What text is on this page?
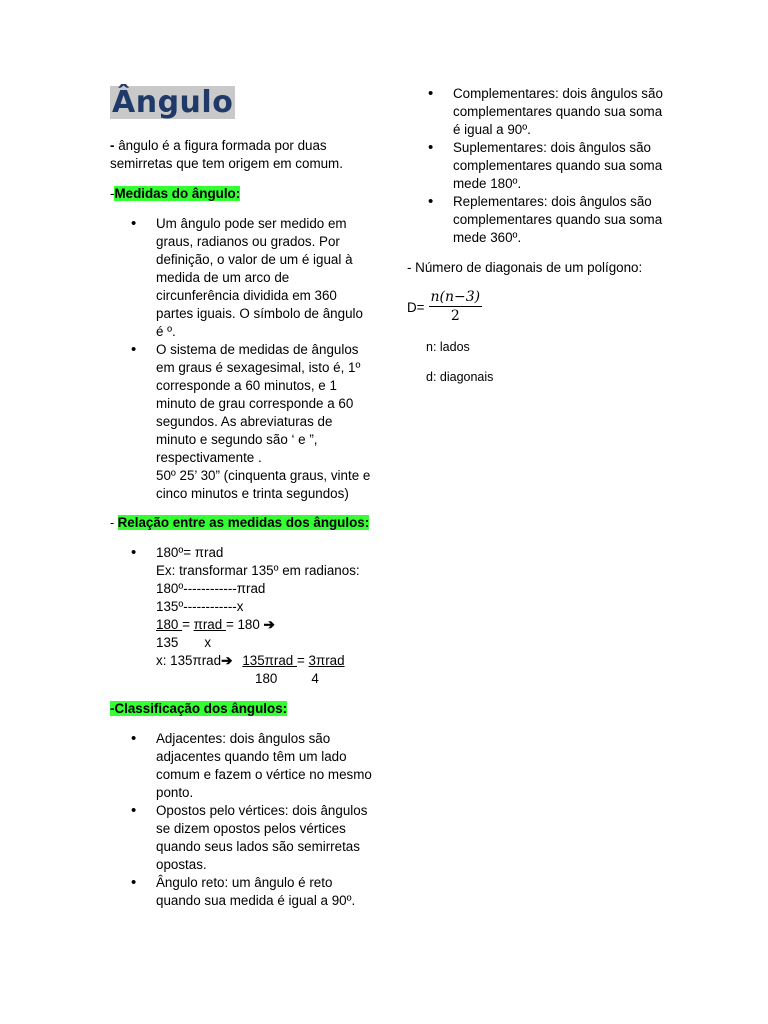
Ângulo

- ângulo é a figura formada por duas semirretas que tem origem em comum.

-Medidas do ângulo:

• Um ângulo pode ser medido em graus, radianos ou grados. Por definição, o valor de um é igual à medida de um arco de circunferência dividida em 360 partes iguais. O símbolo de ângulo é º.
• O sistema de medidas de ângulos em graus é sexagesimal, isto é, 1º corresponde a 60 minutos, e 1 minuto de grau corresponde a 60 segundos. As abreviaturas de minuto e segundo são ‘ e ”, respectivamente .
50º 25’ 30” (cinquenta graus, vinte e cinco minutos e trinta segundos)

- Relação entre as medidas dos ângulos:

• 180º= πrad
Ex: transformar 135º em radianos:
180º------------πrad
135º------------x
180 = πrad = 180 ➔
135 x
x: 135πrad➔ 135πrad = 3πrad
180	4

-Classificação dos ângulos:

• Adjacentes: dois ângulos são adjacentes quando têm um lado comum e fazem o vértice no mesmo ponto.
• Opostos pelo vértices: dois ângulos se dizem opostos pelos vértices quando seus lados são semirretas opostas.
• Ângulo reto: um ângulo é reto quando sua medida é igual a 90º.
• Complementares: dois ângulos são complementares quando sua soma é igual a 90º.
• Suplementares: dois ângulos são complementares quando sua soma mede 180º.
• Replementares: dois ângulos são complementares quando sua soma mede 360º.

- Número de diagonais de um polígono:

$D= \frac{n(n-3)}{2}$

n: lados

d: diagonais
